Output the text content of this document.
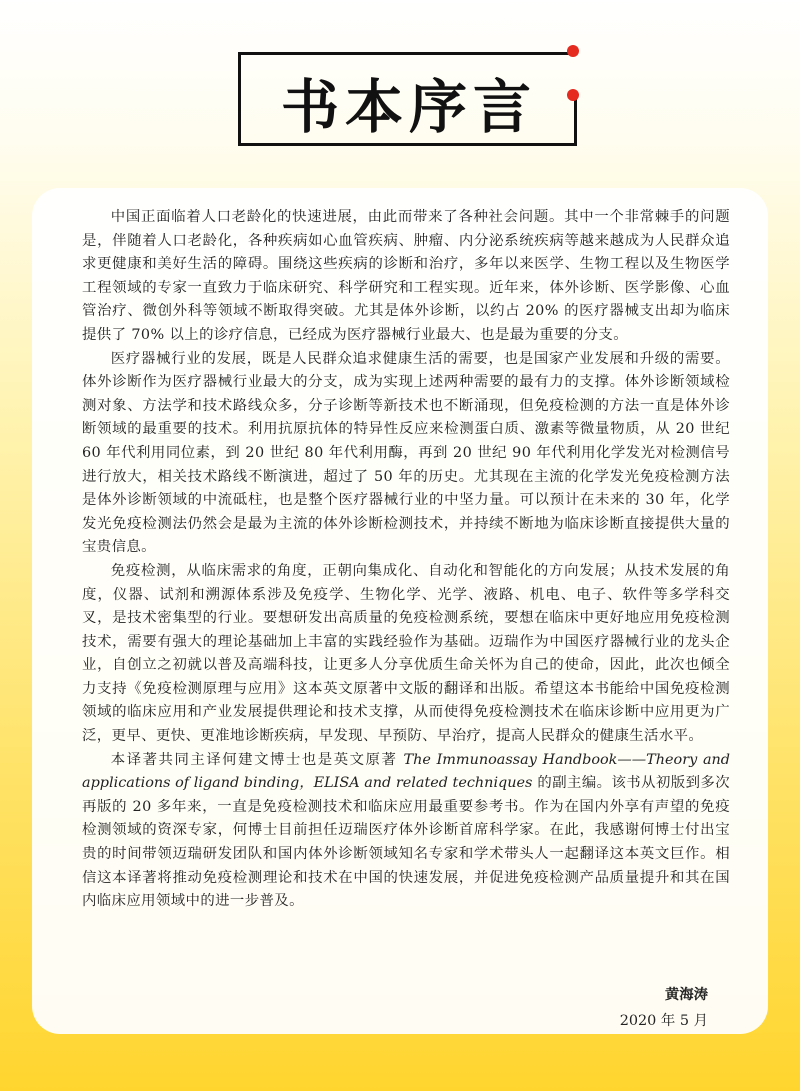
书本序言

中国正面临着人口老龄化的快速进展，由此而带来了各种社会问题。其中一个非常棘手的问题是，伴随着人口老龄化，各种疾病如心血管疾病、肿瘤、内分泌系统疾病等越来越成为人民群众追求更健康和美好生活的障碍。围绕这些疾病的诊断和治疗，多年以来医学、生物工程以及生物医学工程领域的专家一直致力于临床研究、科学研究和工程实现。近年来，体外诊断、医学影像、心血管治疗、微创外科等领域不断取得突破。尤其是体外诊断，以约占 20% 的医疗器械支出却为临床提供了 70% 以上的诊疗信息，已经成为医疗器械行业最大、也是最为重要的分支。

医疗器械行业的发展，既是人民群众追求健康生活的需要，也是国家产业发展和升级的需要。体外诊断作为医疗器械行业最大的分支，成为实现上述两种需要的最有力的支撑。体外诊断领域检测对象、方法学和技术路线众多，分子诊断等新技术也不断涌现，但免疫检测的方法一直是体外诊断领域的最重要的技术。利用抗原抗体的特异性反应来检测蛋白质、激素等微量物质，从 20 世纪 60 年代利用同位素，到 20 世纪 80 年代利用酶，再到 20 世纪 90 年代利用化学发光对检测信号进行放大，相关技术路线不断演进，超过了 50 年的历史。尤其现在主流的化学发光免疫检测方法是体外诊断领域的中流砥柱，也是整个医疗器械行业的中坚力量。可以预计在未来的 30 年，化学发光免疫检测法仍然会是最为主流的体外诊断检测技术，并持续不断地为临床诊断直接提供大量的宝贵信息。

免疫检测，从临床需求的角度，正朝向集成化、自动化和智能化的方向发展；从技术发展的角度，仪器、试剂和溯源体系涉及免疫学、生物化学、光学、液路、机电、电子、软件等多学科交叉，是技术密集型的行业。要想研发出高质量的免疫检测系统，要想在临床中更好地应用免疫检测技术，需要有强大的理论基础加上丰富的实践经验作为基础。迈瑞作为中国医疗器械行业的龙头企业，自创立之初就以普及高端科技，让更多人分享优质生命关怀为自己的使命，因此，此次也倾全力支持《免疫检测原理与应用》这本英文原著中文版的翻译和出版。希望这本书能给中国免疫检测领域的临床应用和产业发展提供理论和技术支撑，从而使得免疫检测技术在临床诊断中应用更为广泛，更早、更快、更准地诊断疾病，早发现、早预防、早治疗，提高人民群众的健康生活水平。

本译著共同主译何建文博士也是英文原著 The Immunoassay Handbook——Theory and applications of ligand binding，ELISA and related techniques 的副主编。该书从初版到多次再版的 20 多年来，一直是免疫检测技术和临床应用最重要参考书。作为在国内外享有声望的免疫检测领域的资深专家，何博士目前担任迈瑞医疗体外诊断首席科学家。在此，我感谢何博士付出宝贵的时间带领迈瑞研发团队和国内体外诊断领域知名专家和学术带头人一起翻译这本英文巨作。相信这本译著将推动免疫检测理论和技术在中国的快速发展，并促进免疫检测产品质量提升和其在国内临床应用领域中的进一步普及。

黄海涛
2020 年 5 月
